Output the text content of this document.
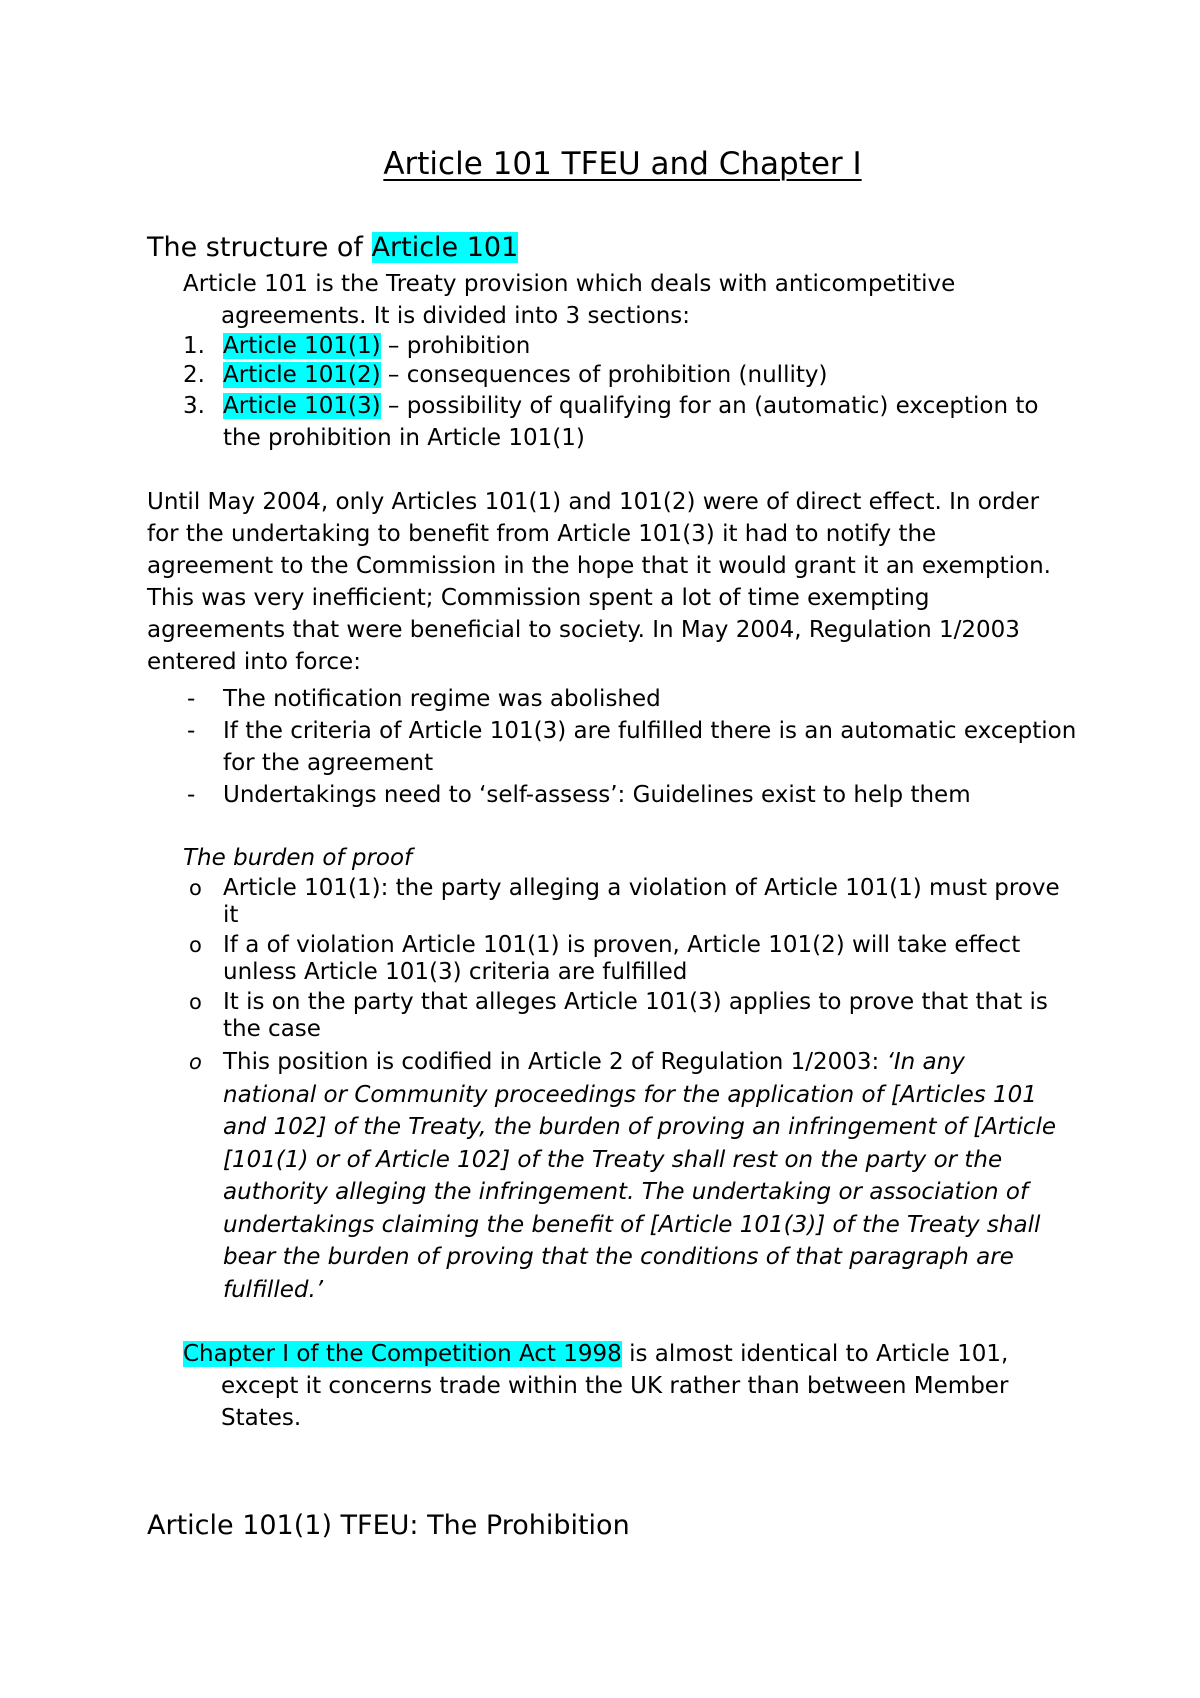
Article 101 TFEU and Chapter I
The structure of Article 101
Article 101 is the Treaty provision which deals with anticompetitive agreements. It is divided into 3 sections:
1. Article 101(1) – prohibition
2. Article 101(2) – consequences of prohibition (nullity)
3. Article 101(3) – possibility of qualifying for an (automatic) exception to the prohibition in Article 101(1)
Until May 2004, only Articles 101(1) and 101(2) were of direct effect. In order for the undertaking to benefit from Article 101(3) it had to notify the agreement to the Commission in the hope that it would grant it an exemption. This was very inefficient; Commission spent a lot of time exempting agreements that were beneficial to society. In May 2004, Regulation 1/2003 entered into force:
- The notification regime was abolished
- If the criteria of Article 101(3) are fulfilled there is an automatic exception for the agreement
- Undertakings need to ‘self-assess’: Guidelines exist to help them
The burden of proof
o Article 101(1): the party alleging a violation of Article 101(1) must prove it
o If a of violation Article 101(1) is proven, Article 101(2) will take effect unless Article 101(3) criteria are fulfilled
o It is on the party that alleges Article 101(3) applies to prove that that is the case
o This position is codified in Article 2 of Regulation 1/2003: ‘In any national or Community proceedings for the application of [Articles 101 and 102] of the Treaty, the burden of proving an infringement of [Article [101(1) or of Article 102] of the Treaty shall rest on the party or the authority alleging the infringement. The undertaking or association of undertakings claiming the benefit of [Article 101(3)] of the Treaty shall bear the burden of proving that the conditions of that paragraph are fulfilled.’
Chapter I of the Competition Act 1998 is almost identical to Article 101, except it concerns trade within the UK rather than between Member States.
Article 101(1) TFEU: The Prohibition
